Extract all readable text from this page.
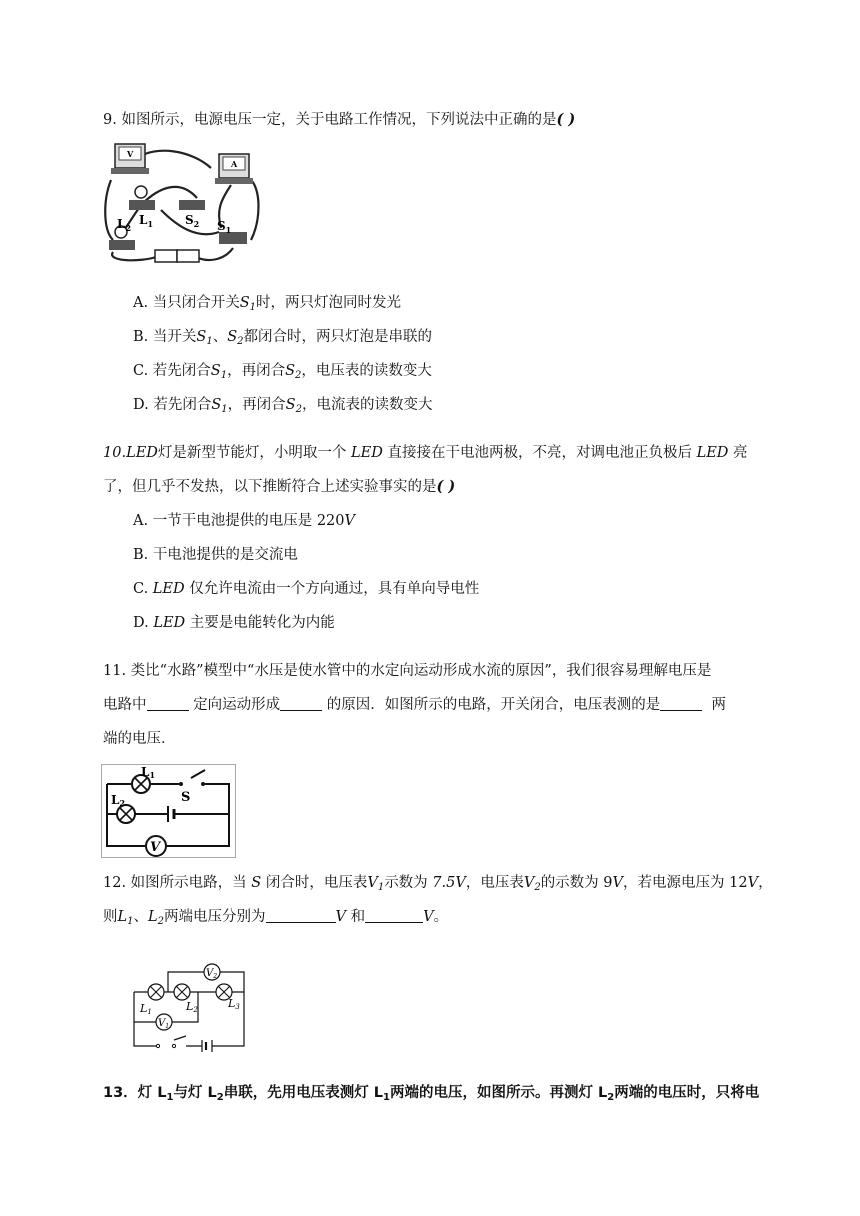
9. 如图所示，电源电压一定，关于电路工作情况，下列说法中正确的是( )
V
A
$L_2$
$L_1$	$S_2$ $S_1$
A. 当只闭合开关$S_1$时，两只灯泡同时发光
B. 当开关$S_1$、$S_2$都闭合时，两只灯泡是串联的
C. 若先闭合$S_1$，再闭合$S_2$，电压表的读数变大
D. 若先闭合$S_1$，再闭合$S_2$，电流表的读数变大
10.LED灯是新型节能灯，小明取一个 LED 直接接在干电池两极，不亮，对调电池正负极后 LED 亮
了，但几乎不发热，以下推断符合上述实验事实的是( )
A. 一节干电池提供的电压是 220V
B. 干电池提供的是交流电
C. LED 仅允许电流由一个方向通过，具有单向导电性
D. LED 主要是电能转化为内能
11. 类比“水路”模型中“水压是使水管中的水定向运动形成水流的原因”，我们很容易理解电压是
电路中	定向运动形成	的原因．如图所示的电路，开关闭合，电压表测的是	两
端的电压．
V
L1
L2	S
12. 如图所示电路，当 S 闭合时，电压表$V_1$示数为 7.5V，电压表$V_2$的示数为 9V，若电源电压为 12V，
则$L_1$、$L_2$两端电压分别为	V 和	V。
$V_2$
$V_1$
L1	L2	L3
13．灯 $L_1$与灯 $L_2$串联，先用电压表测灯 $L_1$两端的电压，如图所示。再测灯 $L_2$两端的电压时，只将电
